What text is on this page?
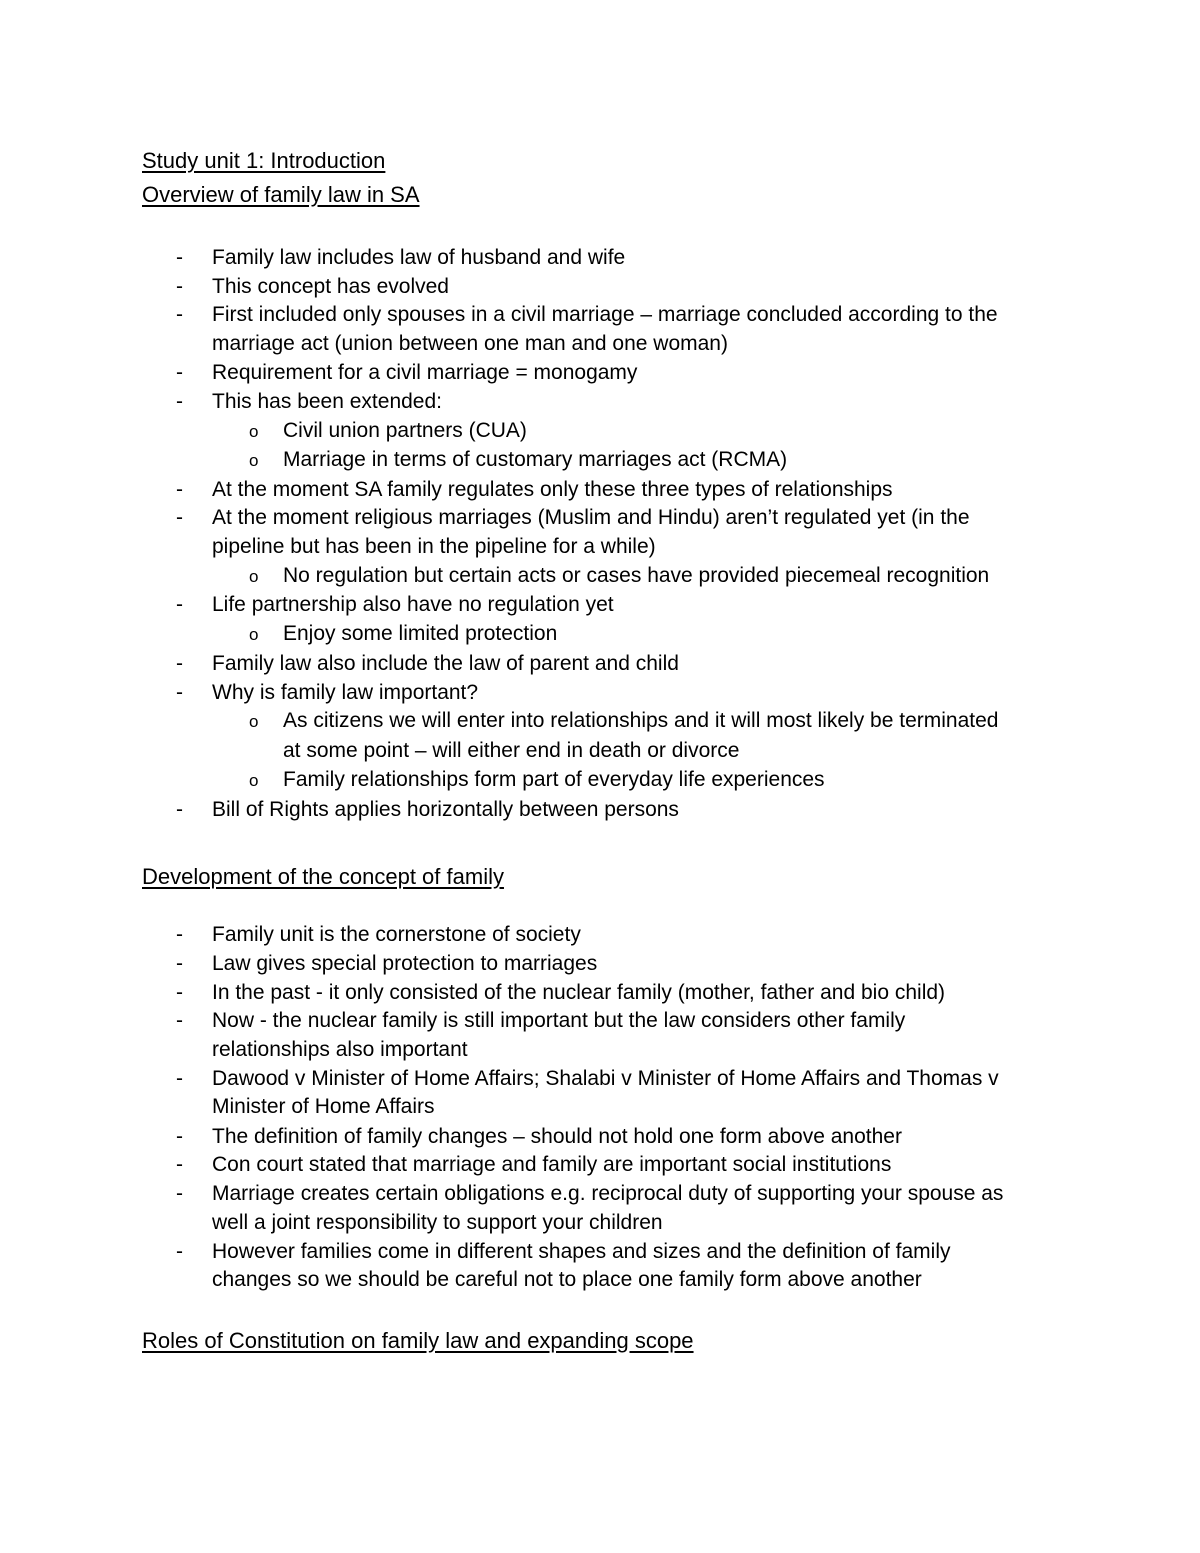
Study unit 1: Introduction
Overview of family law in SA
- Family law includes law of husband and wife
- This concept has evolved
- First included only spouses in a civil marriage – marriage concluded according to the
marriage act (union between one man and one woman)
- Requirement for a civil marriage = monogamy
- This has been extended:
o Civil union partners (CUA)
o Marriage in terms of customary marriages act (RCMA)
- At the moment SA family regulates only these three types of relationships
- At the moment religious marriages (Muslim and Hindu) aren’t regulated yet (in the
pipeline but has been in the pipeline for a while)
o No regulation but certain acts or cases have provided piecemeal recognition
- Life partnership also have no regulation yet
o Enjoy some limited protection
- Family law also include the law of parent and child
- Why is family law important?
o As citizens we will enter into relationships and it will most likely be terminated
at some point – will either end in death or divorce
o Family relationships form part of everyday life experiences
- Bill of Rights applies horizontally between persons
Development of the concept of family
- Family unit is the cornerstone of society
- Law gives special protection to marriages
- In the past - it only consisted of the nuclear family (mother, father and bio child)
- Now - the nuclear family is still important but the law considers other family
relationships also important
- Dawood v Minister of Home Affairs; Shalabi v Minister of Home Affairs and Thomas v
Minister of Home Affairs
- The definition of family changes – should not hold one form above another
- Con court stated that marriage and family are important social institutions
- Marriage creates certain obligations e.g. reciprocal duty of supporting your spouse as
well a joint responsibility to support your children
- However families come in different shapes and sizes and the definition of family
changes so we should be careful not to place one family form above another
Roles of Constitution on family law and expanding scope
